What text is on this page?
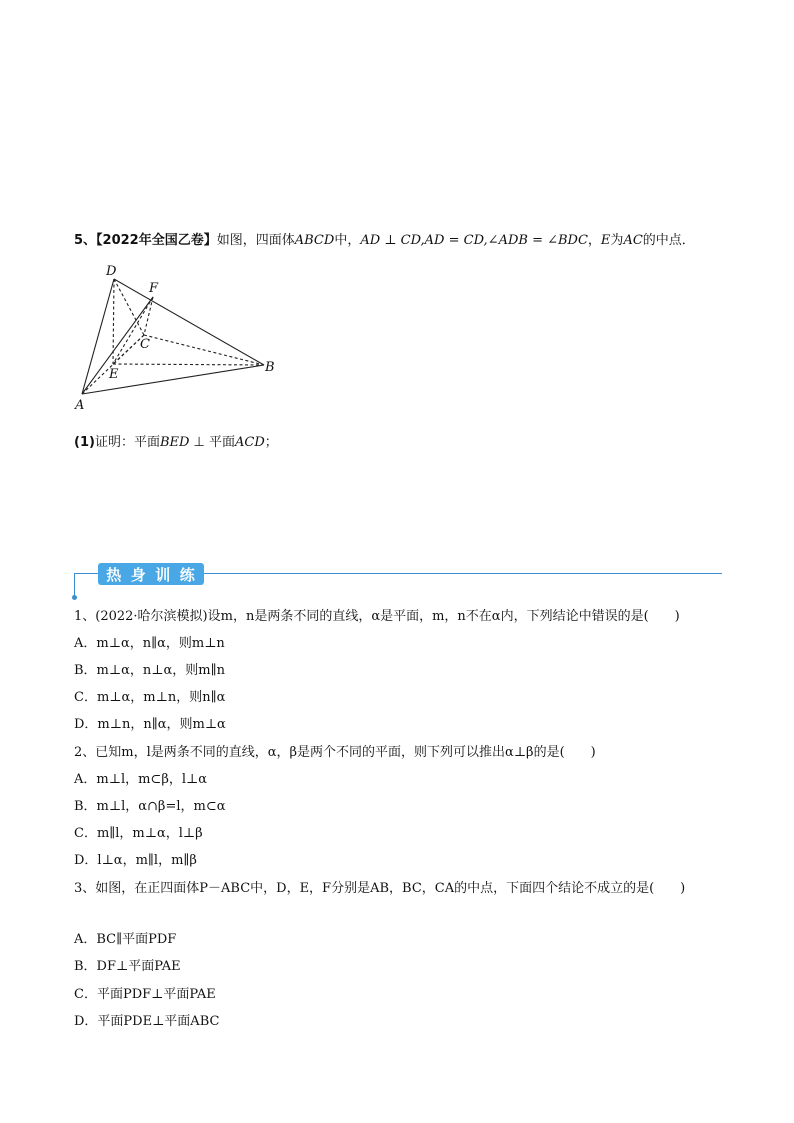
5、【2022年全国乙卷】如图，四面体ABCD中，AD ⊥ CD,AD = CD,∠ADB = ∠BDC，E为AC的中点．
D
F
C
E	B
A
(1)证明：平面BED ⊥ 平面ACD；
热 身 训 练
1、(2022·哈尔滨模拟)设m，n是两条不同的直线，α是平面，m，n不在α内，下列结论中错误的是(　　)
A．m⊥α，n∥α，则m⊥n
B．m⊥α，n⊥α，则m∥n
C．m⊥α，m⊥n，则n∥α
D．m⊥n，n∥α，则m⊥α
2、已知m，l是两条不同的直线，α，β是两个不同的平面，则下列可以推出α⊥β的是(　　)
A．m⊥l，m⊂β，l⊥α
B．m⊥l，α∩β=l，m⊂α
C．m∥l，m⊥α，l⊥β
D．l⊥α，m∥l，m∥β
3、如图，在正四面体P－ABC中，D，E，F分别是AB，BC，CA的中点，下面四个结论不成立的是(　　)
A．BC∥平面PDF
B．DF⊥平面PAE
C．平面PDF⊥平面PAE
D．平面PDE⊥平面ABC
